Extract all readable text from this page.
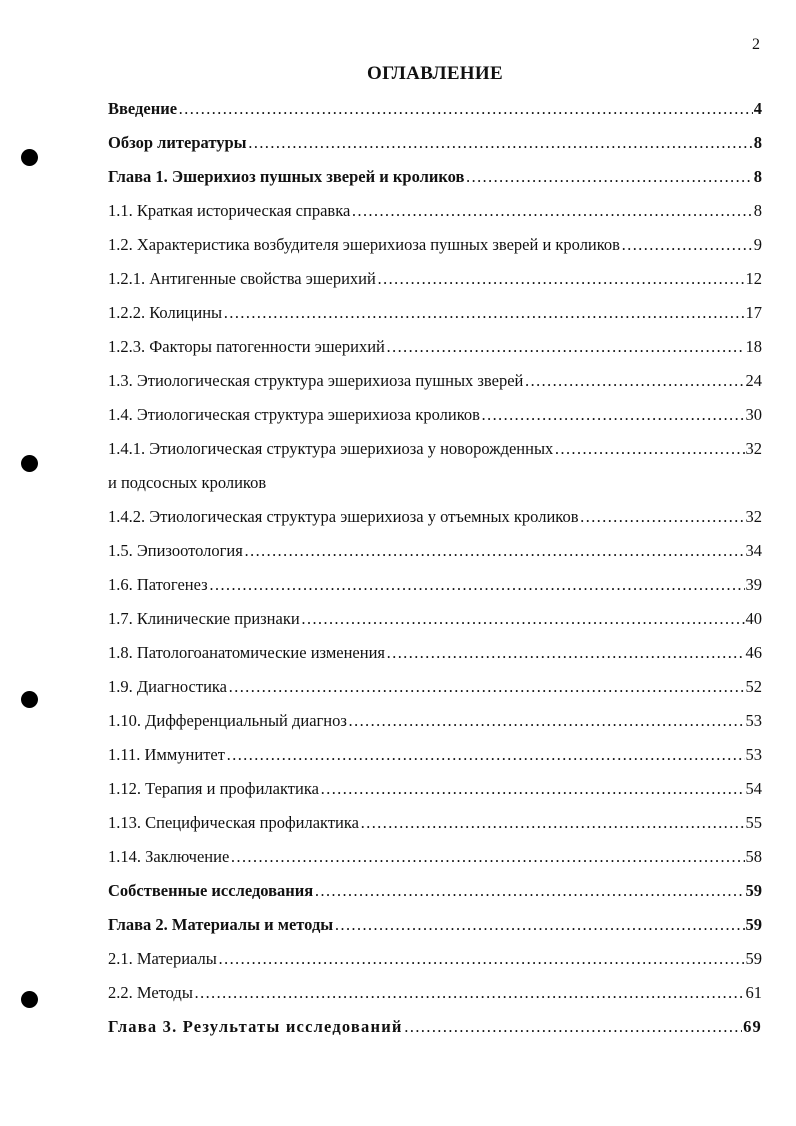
2
ОГЛАВЛЕНИЕ
Введение ………………………………………………………………………………………………………………………………………………………………………………	4
Обзор литературы ………………………………………………………………………………………………………………………………………………………………………………	8
Глава 1. Эшерихиоз пушных зверей и кроликов ………………………………………………………………………………………………………………………………………………………………………………	8
1.1. Краткая историческая справка ………………………………………………………………………………………………………………………………………………………………………………	8
1.2. Характеристика возбудителя эшерихиоза пушных зверей и кроликов ………………………………………………………………………………………………………………………………………………………………………………	9
1.2.1. Антигенные свойства эшерихий ………………………………………………………………………………………………………………………………………………………………………………	12
1.2.2. Колицины ………………………………………………………………………………………………………………………………………………………………………………	17
1.2.3. Факторы патогенности эшерихий ………………………………………………………………………………………………………………………………………………………………………………	18
1.3. Этиологическая структура эшерихиоза пушных зверей ………………………………………………………………………………………………………………………………………………………………………………	24
1.4. Этиологическая структура эшерихиоза кроликов ………………………………………………………………………………………………………………………………………………………………………………	30
1.4.1. Этиологическая структура эшерихиоза у новорожденных ………………………………………………………………………………………………………………………………………………………………………………	32
и подсосных кроликов
1.4.2. Этиологическая структура эшерихиоза у отъемных кроликов ………………………………………………………………………………………………………………………………………………………………………………	32
1.5. Эпизоотология ………………………………………………………………………………………………………………………………………………………………………………	34
1.6. Патогенез ………………………………………………………………………………………………………………………………………………………………………………	39
1.7. Клинические признаки ………………………………………………………………………………………………………………………………………………………………………………	40
1.8. Патологоанатомические изменения ………………………………………………………………………………………………………………………………………………………………………………	46
1.9. Диагностика ………………………………………………………………………………………………………………………………………………………………………………	52
1.10. Дифференциальный диагноз ………………………………………………………………………………………………………………………………………………………………………………	53
1.11. Иммунитет ………………………………………………………………………………………………………………………………………………………………………………	53
1.12. Терапия и профилактика ………………………………………………………………………………………………………………………………………………………………………………	54
1.13. Специфическая профилактика ………………………………………………………………………………………………………………………………………………………………………………	55
1.14. Заключение ………………………………………………………………………………………………………………………………………………………………………………	58
Собственные исследования ………………………………………………………………………………………………………………………………………………………………………………	59
Глава 2. Материалы и методы ………………………………………………………………………………………………………………………………………………………………………………	59
2.1. Материалы ………………………………………………………………………………………………………………………………………………………………………………	59
2.2. Методы ………………………………………………………………………………………………………………………………………………………………………………	61
Глава 3. Результаты исследований ………………………………………………………………………………………………………………………………………………………………………………	69
